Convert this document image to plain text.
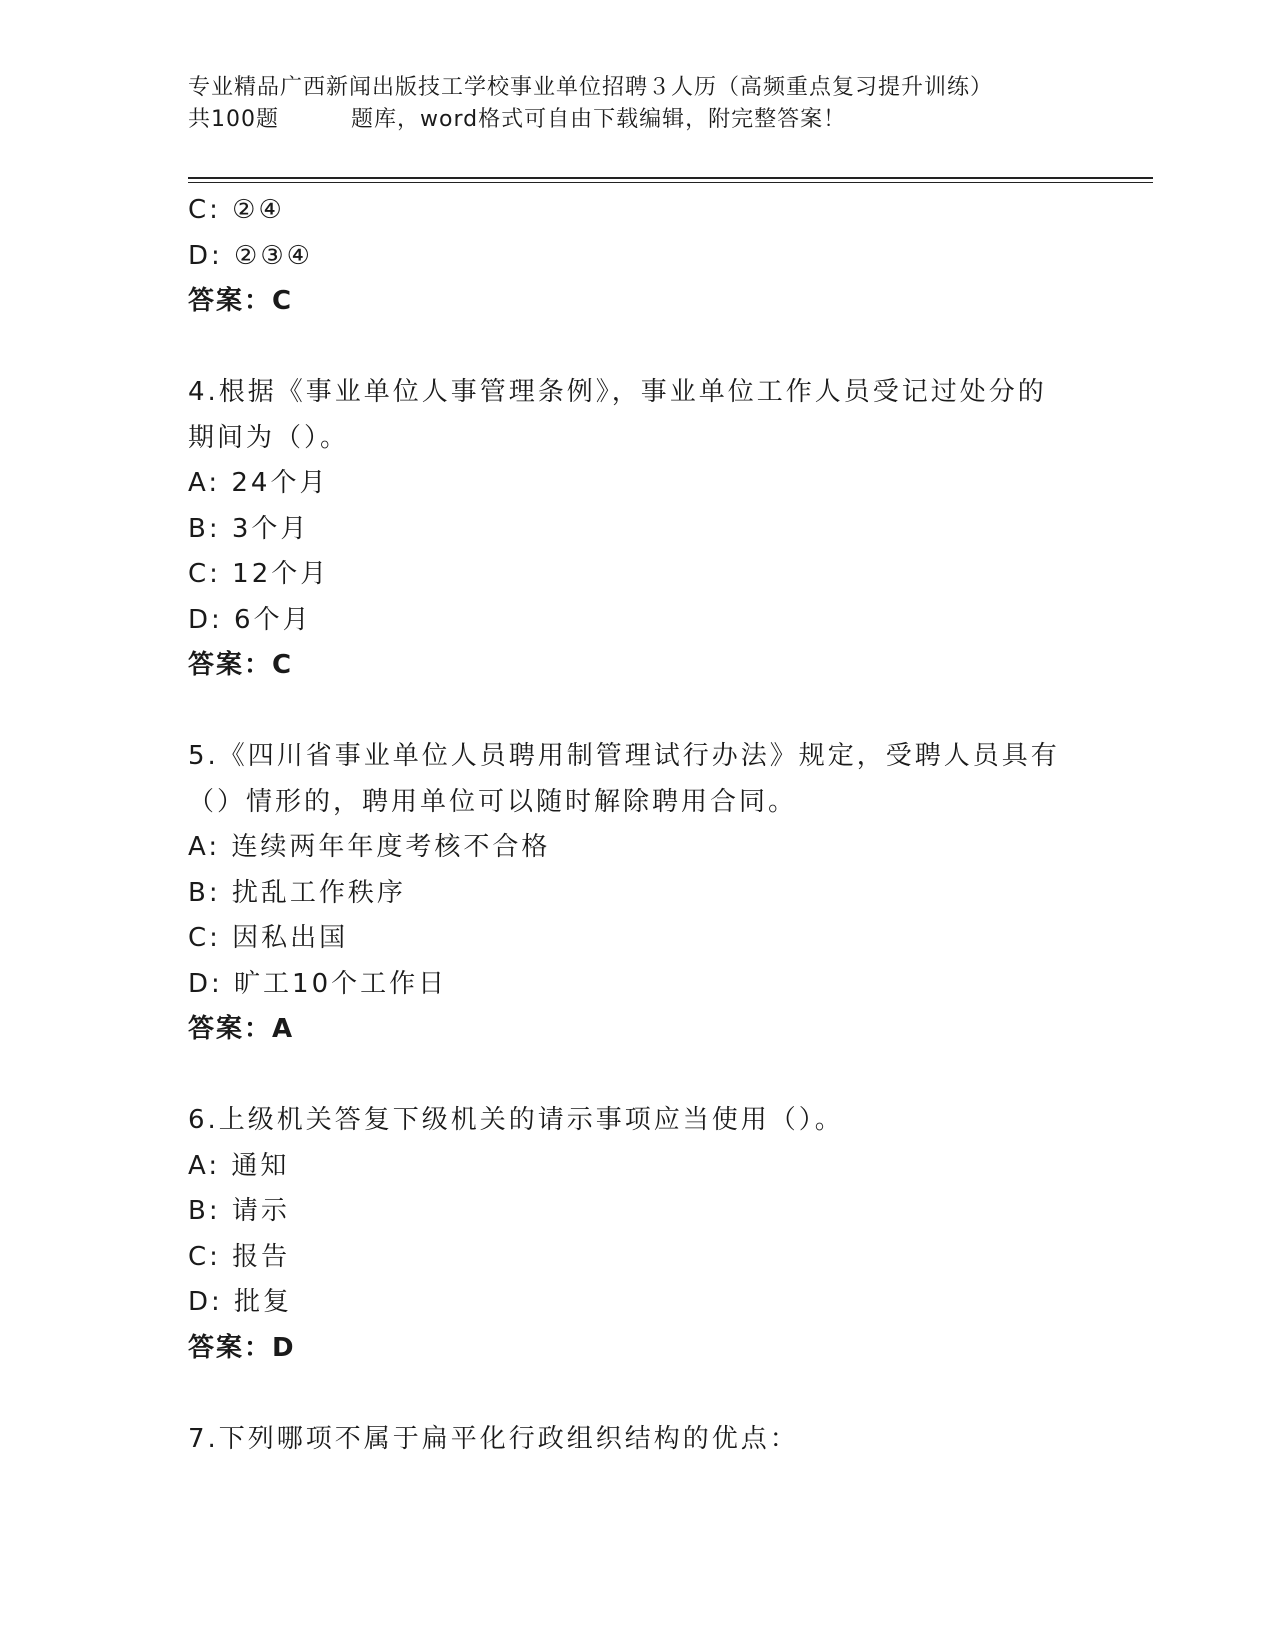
专业精品广西新闻出版技工学校事业单位招聘３人历（高频重点复习提升训练）
共100题	题库，word格式可自由下载编辑，附完整答案！
C: ②④
D: ②③④
答案：C
4.根据《事业单位人事管理条例》，事业单位工作人员受记过处分的
期间为（）。
A: 24个月
B: 3个月
C: 12个月
D: 6个月
答案：C
5.《四川省事业单位人员聘用制管理试行办法》规定，受聘人员具有
（）情形的，聘用单位可以随时解除聘用合同。
A: 连续两年年度考核不合格
B: 扰乱工作秩序
C: 因私出国
D: 旷工10个工作日
答案：A
6.上级机关答复下级机关的请示事项应当使用（）。
A: 通知
B: 请示
C: 报告
D: 批复
答案：D
7.下列哪项不属于扁平化行政组织结构的优点：
